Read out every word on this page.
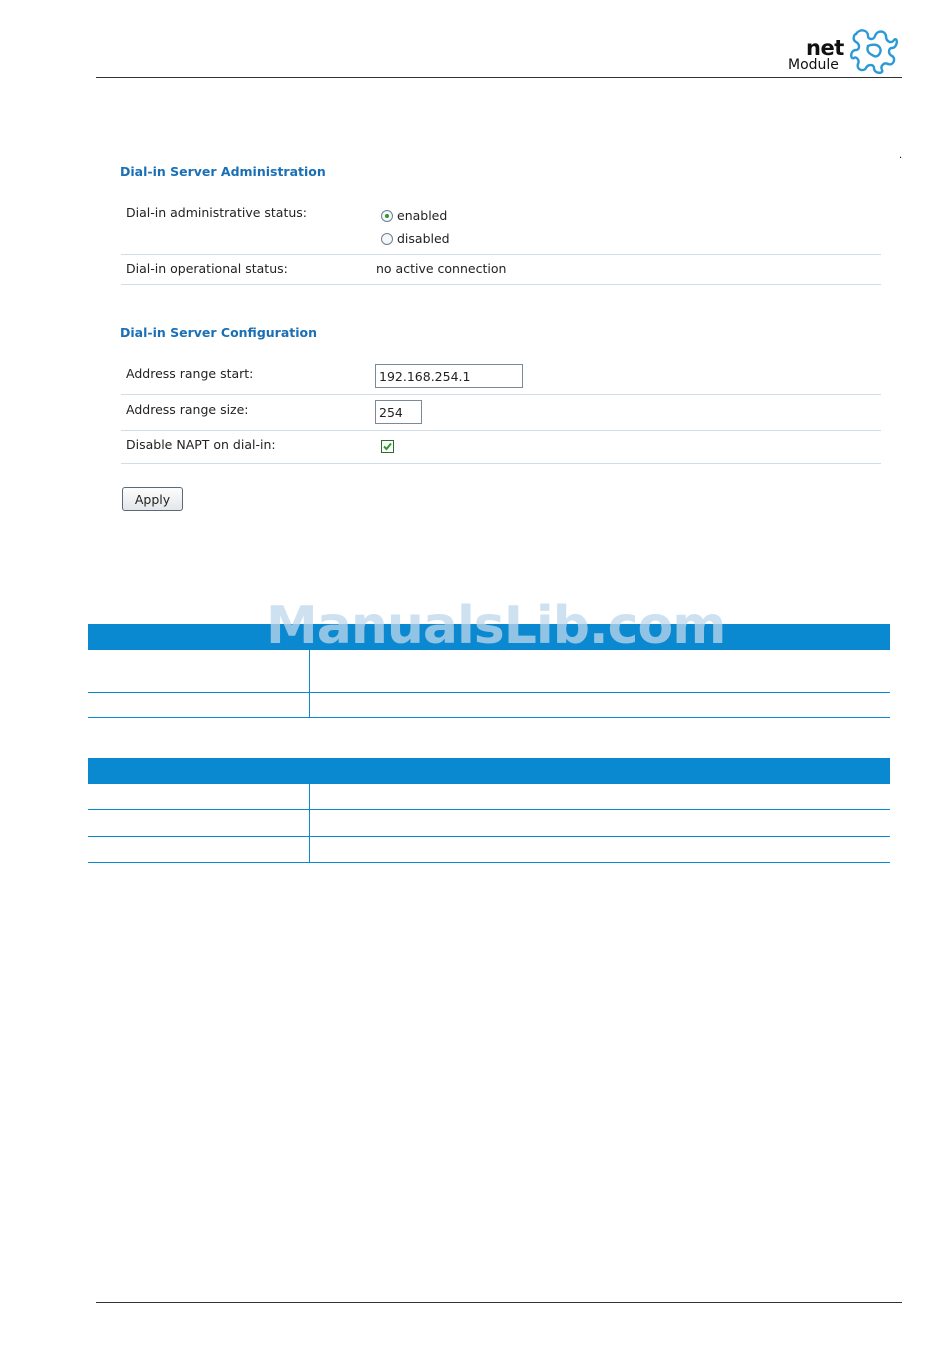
net
Module
.
Dial-in Server Administration
Dial-in administrative status:	enabled
disabled
Dial-in operational status:	no active connection
Dial-in Server Configuration
Address range start:
192.168.254.1
Address range size:
254
Disable NAPT on dial-in:
Apply
ManualsLib.com
